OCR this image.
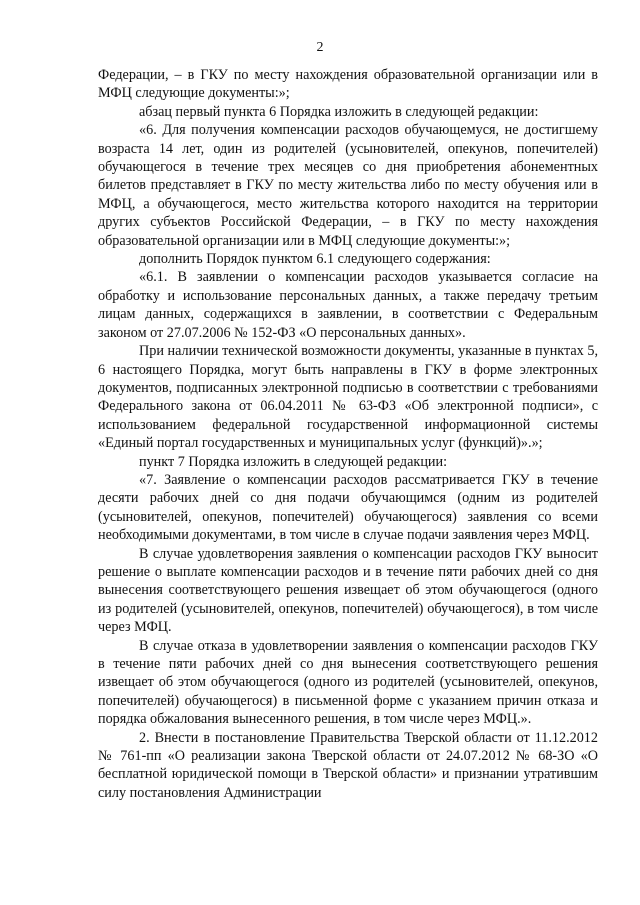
2

Федерации, – в ГКУ по месту нахождения образовательной организации или в МФЦ следующие документы:»;

абзац первый пункта 6 Порядка изложить в следующей редакции:

«6. Для получения компенсации расходов обучающемуся, не достигшему возраста 14 лет, один из родителей (усыновителей, опекунов, попечителей) обучающегося в течение трех месяцев со дня приобретения абонементных билетов представляет в ГКУ по месту жительства либо по месту обучения или в МФЦ, а обучающегося, место жительства которого находится на территории других субъектов Российской Федерации, – в ГКУ по месту нахождения образовательной организации или в МФЦ следующие документы:»;

дополнить Порядок пунктом 6.1 следующего содержания:

«6.1. В заявлении о компенсации расходов указывается согласие на обработку и использование персональных данных, а также передачу третьим лицам данных, содержащихся в заявлении, в соответствии с Федеральным законом от 27.07.2006 № 152-ФЗ «О персональных данных».

При наличии технической возможности документы, указанные в пунктах 5, 6 настоящего Порядка, могут быть направлены в ГКУ в форме электронных документов, подписанных электронной подписью в соответствии с требованиями Федерального закона от 06.04.2011 № 63-ФЗ «Об электронной подписи», с использованием федеральной государственной информационной системы «Единый портал государственных и муниципальных услуг (функций)».»;

пункт 7 Порядка изложить в следующей редакции:

«7. Заявление о компенсации расходов рассматривается ГКУ в течение десяти рабочих дней со дня подачи обучающимся (одним из родителей (усыновителей, опекунов, попечителей) обучающегося) заявления со всеми необходимыми документами, в том числе в случае подачи заявления через МФЦ.

В случае удовлетворения заявления о компенсации расходов ГКУ выносит решение о выплате компенсации расходов и в течение пяти рабочих дней со дня вынесения соответствующего решения извещает об этом обучающегося (одного из родителей (усыновителей, опекунов, попечителей) обучающегося), в том числе через МФЦ.

В случае отказа в удовлетворении заявления о компенсации расходов ГКУ в течение пяти рабочих дней со дня вынесения соответствующего решения извещает об этом обучающегося (одного из родителей (усыновителей, опекунов, попечителей) обучающегося) в письменной форме с указанием причин отказа и порядка обжалования вынесенного решения, в том числе через МФЦ.».

2. Внести в постановление Правительства Тверской области от 11.12.2012 № 761-пп «О реализации закона Тверской области от 24.07.2012 № 68-ЗО «О бесплатной юридической помощи в Тверской области» и признании утратившим силу постановления Администрации
